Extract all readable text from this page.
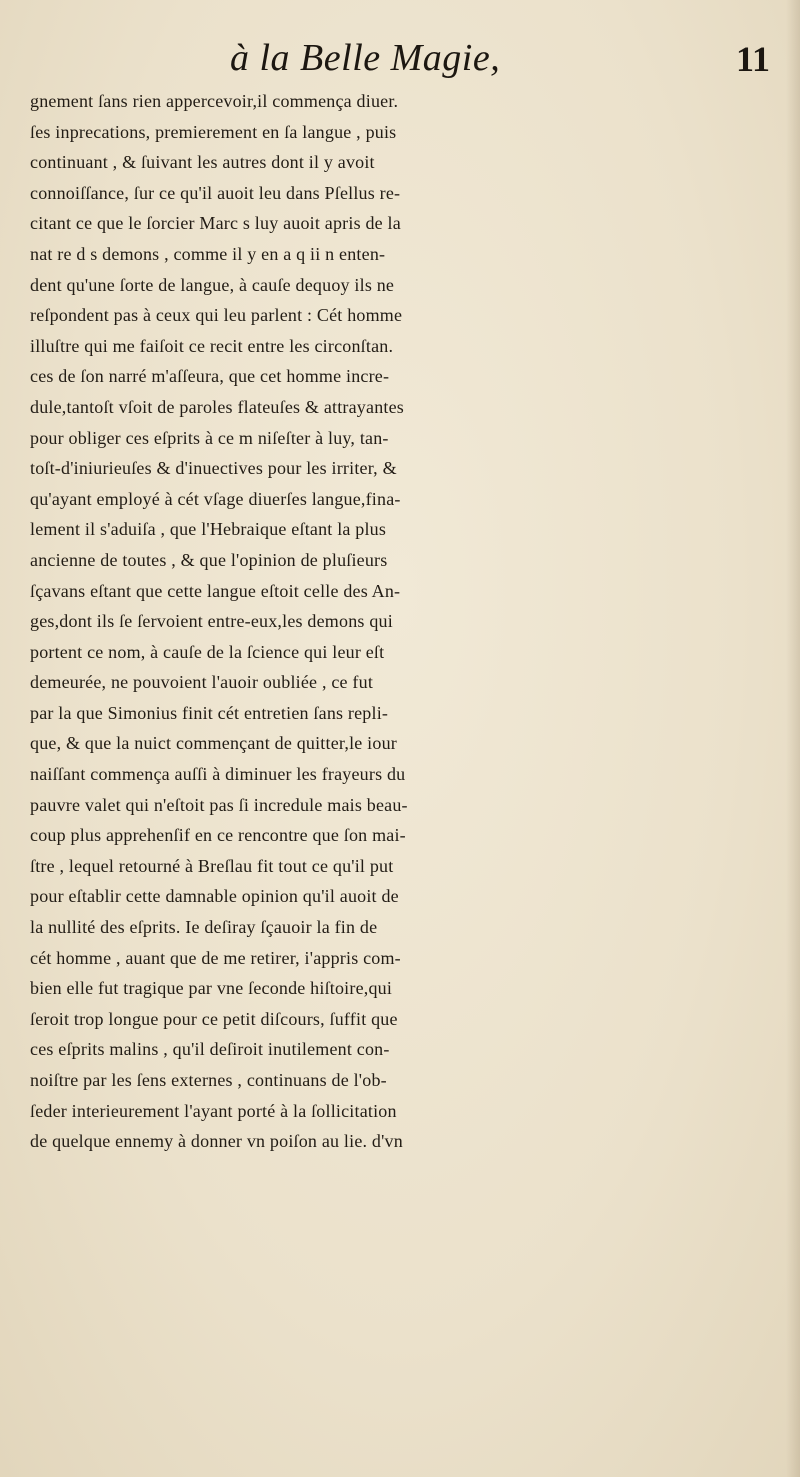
à la Belle Magie,	11
gnement ſans rien appercevoir,il commença diuer.
ſes inprecations, premierement en ſa langue , puis
continuant , & ſuivant les autres dont il y avoit
connoiſſance, ſur ce qu'il auoit leu dans Pſellus re-
citant ce que le ſorcier Marc s luy auoit apris de la
nat re d s demons , comme il y en a q ii n enten-
dent qu'une ſorte de langue, à cauſe dequoy ils ne
reſpondent pas à ceux qui leu parlent : Cét homme
illuſtre qui me faiſoit ce recit entre les circonſtan.
ces de ſon narré m'aſſeura, que cet homme incre-
dule,tantoſt vſoit de paroles flateuſes & attrayantes
pour obliger ces eſprits à ce m niſeſter à luy, tan-
toſt-d'iniurieuſes & d'inuectives pour les irriter, &
qu'ayant employé à cét vſage diuerſes langue,fina-
lement il s'aduiſa , que l'Hebraique eſtant la plus
ancienne de toutes , & que l'opinion de pluſieurs
ſçavans eſtant que cette langue eſtoit celle des An-
ges,dont ils ſe ſervoient entre-eux,les demons qui
portent ce nom, à cauſe de la ſcience qui leur eſt
demeurée, ne pouvoient l'auoir oubliée , ce fut
par la que Simonius finit cét entretien ſans repli-
que, & que la nuict commençant de quitter,le iour
naiſſant commença auſſi à diminuer les frayeurs du
pauvre valet qui n'eſtoit pas ſi incredule mais beau-
coup plus apprehenſif en ce rencontre que ſon mai-
ſtre , lequel retourné à Breſlau fit tout ce qu'il put
pour eſtablir cette damnable opinion qu'il auoit de
la nullité des eſprits. Ie deſiray ſçauoir la fin de
cét homme , auant que de me retirer, i'appris com-
bien elle fut tragique par vne ſeconde hiſtoire,qui
ſeroit trop longue pour ce petit diſcours, ſuffit que
ces eſprits malins , qu'il deſiroit inutilement con-
noiſtre par les ſens externes , continuans de l'ob-
ſeder interieurement l'ayant porté à la ſollicitation
de quelque ennemy à donner vn poiſon au lie. d'vn
